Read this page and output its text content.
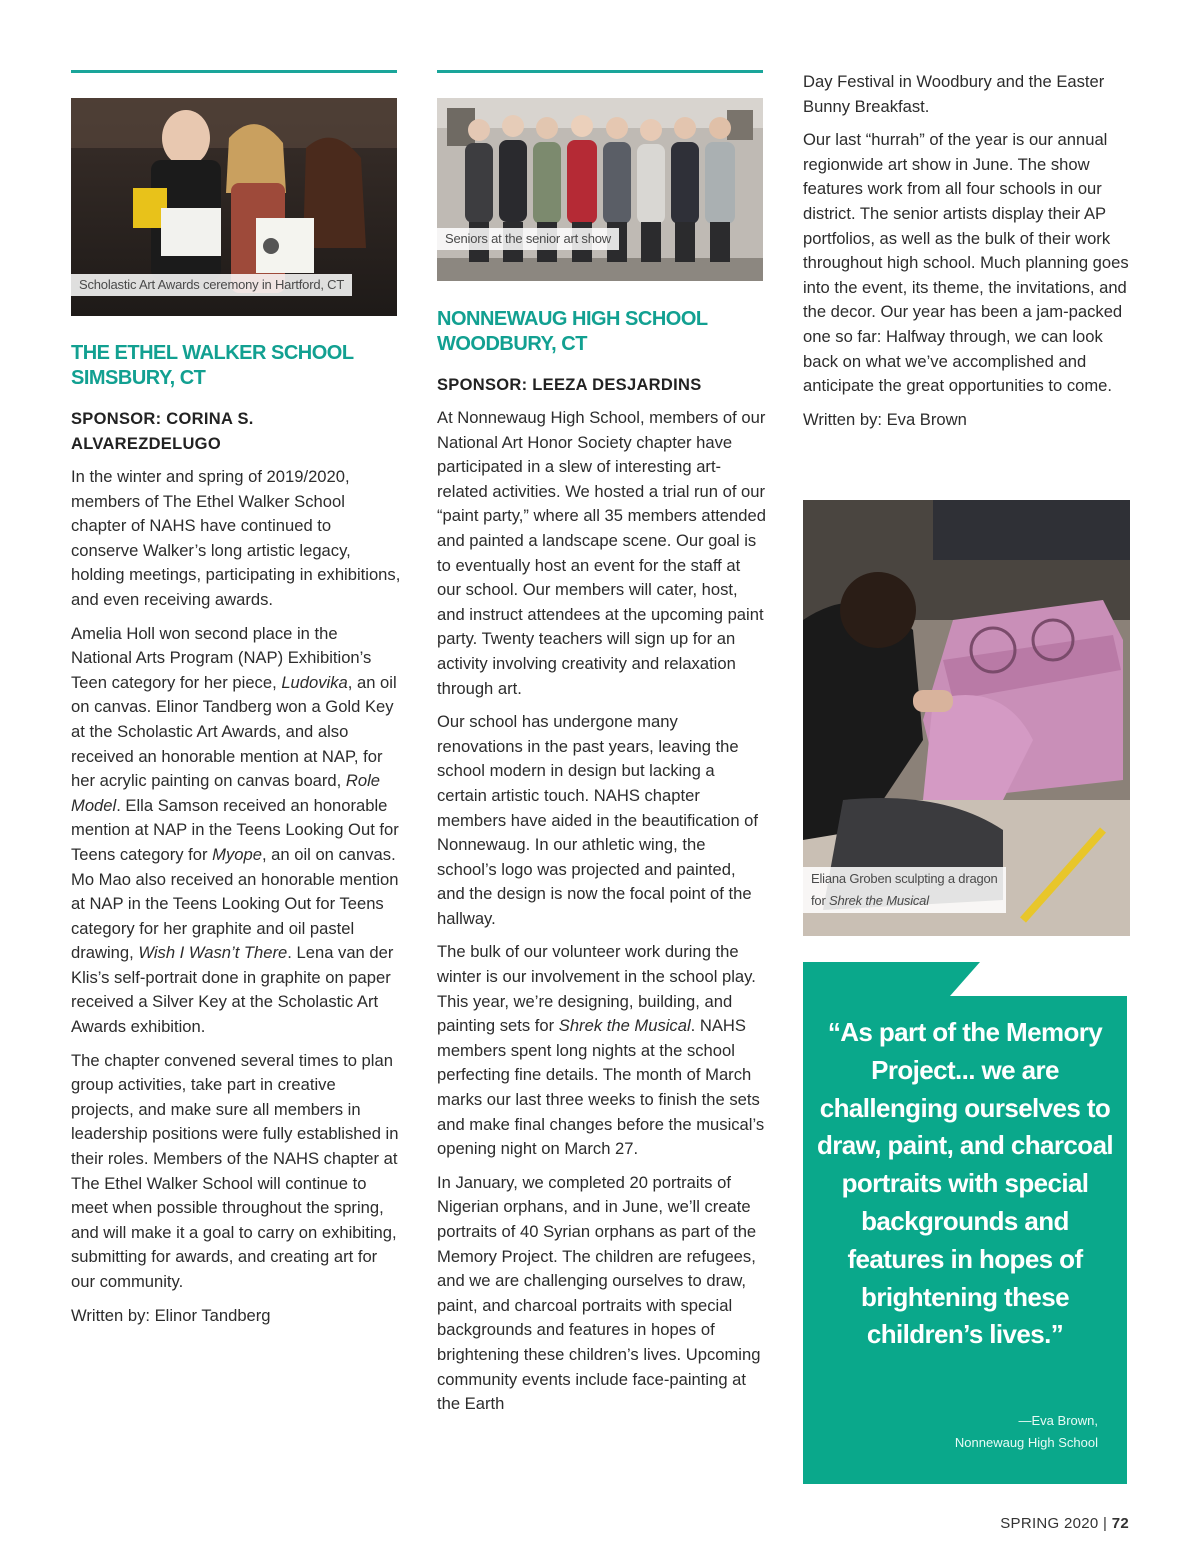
Scholastic Art Awards ceremony in Hartford, CT
Seniors at the senior art show
THE ETHEL WALKER SCHOOL
SIMSBURY, CT
SPONSOR: CORINA S. ALVAREZDELUGO

In the winter and spring of 2019/2020, members of The Ethel Walker School chapter of NAHS have continued to conserve Walker’s long artistic legacy, holding meetings, participating in exhibitions, and even receiving awards.

Amelia Holl won second place in the National Arts Program (NAP) Exhibition’s Teen category for her piece, Ludovika, an oil on canvas. Elinor Tandberg won a Gold Key at the Scholastic Art Awards, and also received an honorable mention at NAP, for her acrylic painting on canvas board, Role Model. Ella Samson received an honorable mention at NAP in the Teens Looking Out for Teens category for Myope, an oil on canvas. Mo Mao also received an honorable mention at NAP in the Teens Looking Out for Teens category for her graphite and oil pastel drawing, Wish I Wasn’t There. Lena van der Klis’s self-portrait done in graphite on paper received a Silver Key at the Scholastic Art Awards exhibition.

The chapter convened several times to plan group activities, take part in creative projects, and make sure all members in leadership positions were fully established in their roles. Members of the NAHS chapter at The Ethel Walker School will continue to meet when possible throughout the spring, and will make it a goal to carry on exhibiting, submitting for awards, and creating art for our community.

Written by: Elinor Tandberg

NONNEWAUG HIGH SCHOOL
WOODBURY, CT
SPONSOR: LEEZA DESJARDINS

At Nonnewaug High School, members of our National Art Honor Society chapter have participated in a slew of interesting art-related activities. We hosted a trial run of our “paint party,” where all 35 members attended and painted a landscape scene. Our goal is to eventually host an event for the staff at our school. Our members will cater, host, and instruct attendees at the upcoming paint party. Twenty teachers will sign up for an activity involving creativity and relaxation through art.

Our school has undergone many renovations in the past years, leaving the school modern in design but lacking a certain artistic touch. NAHS chapter members have aided in the beautification of Nonnewaug. In our athletic wing, the school’s logo was projected and painted, and the design is now the focal point of the hallway.

The bulk of our volunteer work during the winter is our involvement in the school play. This year, we’re designing, building, and painting sets for Shrek the Musical. NAHS members spent long nights at the school perfecting fine details. The month of March marks our last three weeks to finish the sets and make final changes before the musical’s opening night on March 27.

In January, we completed 20 portraits of Nigerian orphans, and in June, we’ll create portraits of 40 Syrian orphans as part of the Memory Project. The children are refugees, and we are challenging ourselves to draw, paint, and charcoal portraits with special backgrounds and features in hopes of brightening these children’s lives. Upcoming community events include face-painting at the Earth

Day Festival in Woodbury and the Easter Bunny Breakfast.

Our last “hurrah” of the year is our annual regionwide art show in June. The show features work from all four schools in our district. The senior artists display their AP portfolios, as well as the bulk of their work throughout high school. Much planning goes into the event, its theme, the invitations, and the decor. Our year has been a jam-packed one so far: Halfway through, we can look back on what we’ve accomplished and anticipate the great opportunities to come.

Written by: Eva Brown

Eliana Groben sculpting a dragon
for Shrek the Musical
“As part of the Memory Project... we are challenging ourselves to draw, paint, and charcoal portraits with special backgrounds and features in hopes of brightening these children’s lives.”
—Eva Brown,
Nonnewaug High School
SPRING 2020 | 72
